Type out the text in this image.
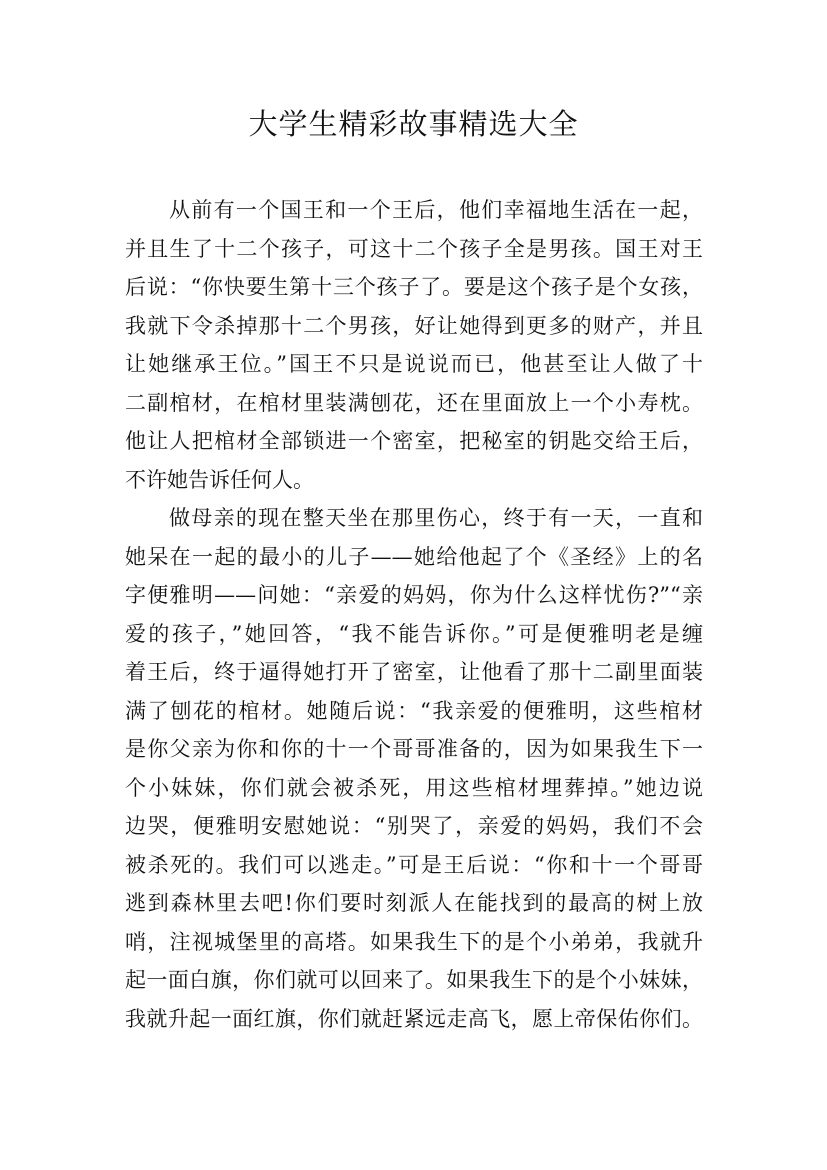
大学生精彩故事精选大全
从前有一个国王和一个王后，他们幸福地生活在一起，
并且生了十二个孩子，可这十二个孩子全是男孩。国王对王
后说：“你快要生第十三个孩子了。要是这个孩子是个女孩，
我就下令杀掉那十二个男孩，好让她得到更多的财产，并且
让她继承王位。”国王不只是说说而已，他甚至让人做了十
二副棺材，在棺材里装满刨花，还在里面放上一个小寿枕。
他让人把棺材全部锁进一个密室，把秘室的钥匙交给王后，
不许她告诉任何人。
做母亲的现在整天坐在那里伤心，终于有一天，一直和
她呆在一起的最小的儿子——她给他起了个《圣经》上的名
字便雅明——问她：“亲爱的妈妈，你为什么这样忧伤?”“亲
爱的孩子，”她回答，“我不能告诉你。”可是便雅明老是缠
着王后，终于逼得她打开了密室，让他看了那十二副里面装
满了刨花的棺材。她随后说：“我亲爱的便雅明，这些棺材
是你父亲为你和你的十一个哥哥准备的，因为如果我生下一
个小妹妹，你们就会被杀死，用这些棺材埋葬掉。”她边说
边哭，便雅明安慰她说：“别哭了，亲爱的妈妈，我们不会
被杀死的。我们可以逃走。”可是王后说：“你和十一个哥哥
逃到森林里去吧!你们要时刻派人在能找到的最高的树上放
哨，注视城堡里的高塔。如果我生下的是个小弟弟，我就升
起一面白旗，你们就可以回来了。如果我生下的是个小妹妹，
我就升起一面红旗，你们就赶紧远走高飞，愿上帝保佑你们。
